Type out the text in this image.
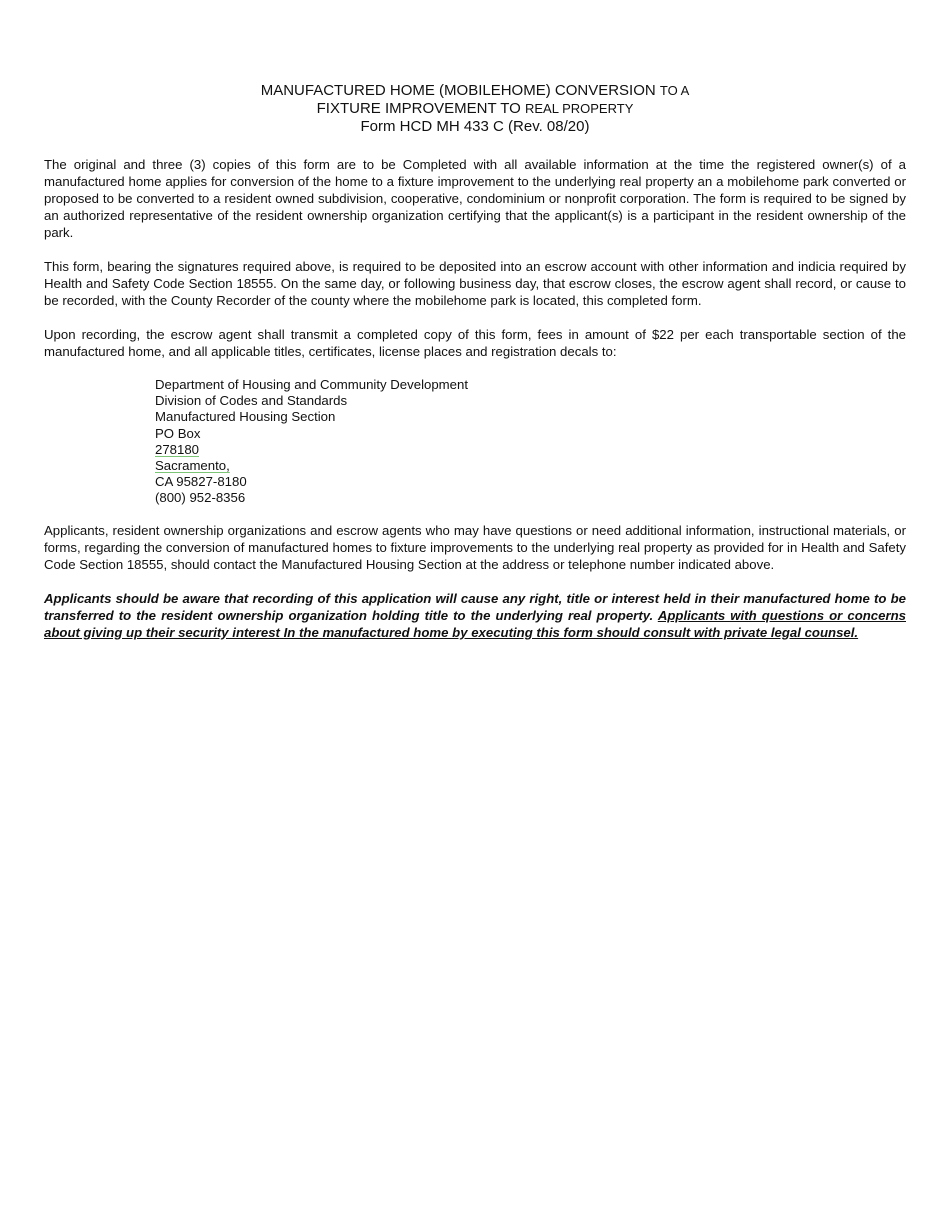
MANUFACTURED HOME (MOBILEHOME) CONVERSION TO A
FIXTURE IMPROVEMENT TO REAL PROPERTY
Form HCD MH 433 C (Rev. 08/20)

The original and three (3) copies of this form are to be Completed with all available information at the time the registered owner(s) of a manufactured home applies for conversion of the home to a fixture improvement to the underlying real property an a mobilehome park converted or proposed to be converted to a resident owned subdivision, cooperative, condominium or nonprofit corporation. The form is required to be signed by an authorized representative of the resident ownership organization certifying that the applicant(s) is a participant in the resident ownership of the park.

This form, bearing the signatures required above, is required to be deposited into an escrow account with other information and indicia required by Health and Safety Code Section 18555. On the same day, or following business day, that escrow closes, the escrow agent shall record, or cause to be recorded, with the County Recorder of the county where the mobilehome park is located, this completed form.

Upon recording, the escrow agent shall transmit a completed copy of this form, fees in amount of $22 per each transportable section of the manufactured home, and all applicable titles, certificates, license places and registration decals to:

Department of Housing and Community Development
Division of Codes and Standards
Manufactured Housing Section
PO Box
278180
Sacramento,
CA 95827-8180
(800) 952-8356

Applicants, resident ownership organizations and escrow agents who may have questions or need additional information, instructional materials, or forms, regarding the conversion of manufactured homes to fixture improvements to the underlying real property as provided for in Health and Safety Code Section 18555, should contact the Manufactured Housing Section at the address or telephone number indicated above.

Applicants should be aware that recording of this application will cause any right, title or interest held in their manufactured home to be transferred to the resident ownership organization holding title to the underlying real property. Applicants with questions or concerns about giving up their security interest In the manufactured home by executing this form should consult with private legal counsel.
